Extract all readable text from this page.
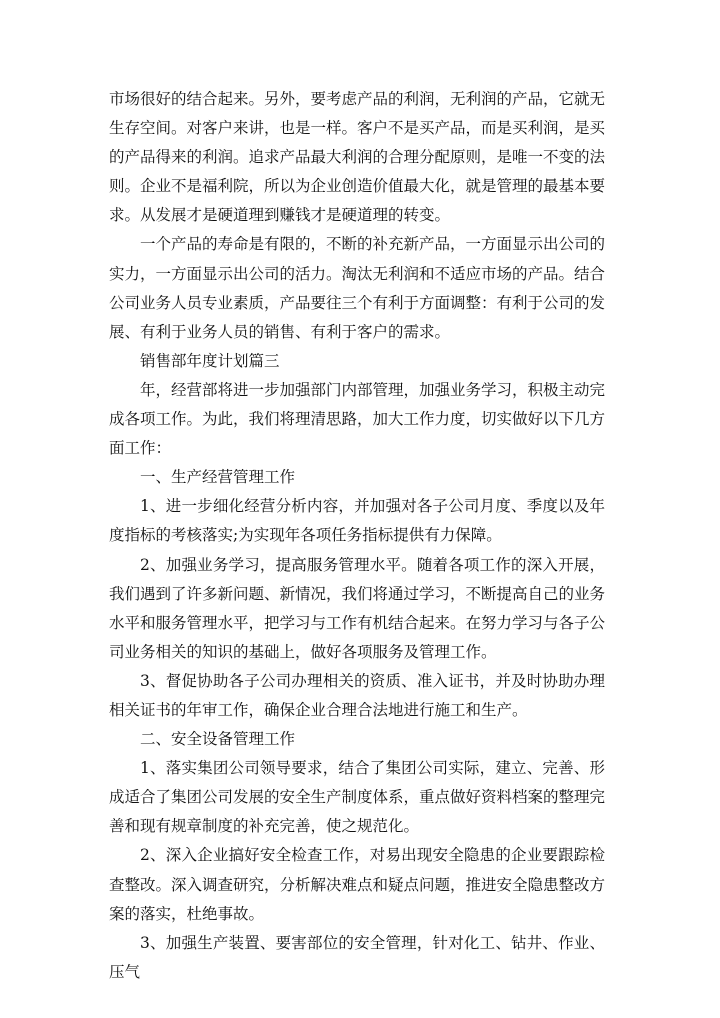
市场很好的结合起来。另外，要考虑产品的利润，无利润的产品，它就无生存空间。对客户来讲，也是一样。客户不是买产品，而是买利润，是买的产品得来的利润。追求产品最大利润的合理分配原则，是唯一不变的法则。企业不是福利院，所以为企业创造价值最大化，就是管理的最基本要求。从发展才是硬道理到赚钱才是硬道理的转变。

一个产品的寿命是有限的，不断的补充新产品，一方面显示出公司的实力，一方面显示出公司的活力。淘汰无利润和不适应市场的产品。结合公司业务人员专业素质，产品要往三个有利于方面调整：有利于公司的发展、有利于业务人员的销售、有利于客户的需求。

销售部年度计划篇三

年，经营部将进一步加强部门内部管理，加强业务学习，积极主动完成各项工作。为此，我们将理清思路，加大工作力度，切实做好以下几方面工作：

一、生产经营管理工作

1、进一步细化经营分析内容，并加强对各子公司月度、季度以及年度指标的考核落实;为实现年各项任务指标提供有力保障。

2、加强业务学习，提高服务管理水平。随着各项工作的深入开展，我们遇到了许多新问题、新情况，我们将通过学习，不断提高自己的业务水平和服务管理水平，把学习与工作有机结合起来。在努力学习与各子公司业务相关的知识的基础上，做好各项服务及管理工作。

3、督促协助各子公司办理相关的资质、准入证书，并及时协助办理相关证书的年审工作，确保企业合理合法地进行施工和生产。

二、安全设备管理工作

1、落实集团公司领导要求，结合了集团公司实际，建立、完善、形成适合了集团公司发展的安全生产制度体系，重点做好资料档案的整理完善和现有规章制度的补充完善，使之规范化。

2、深入企业搞好安全检查工作，对易出现安全隐患的企业要跟踪检查整改。深入调查研究，分析解决难点和疑点问题，推进安全隐患整改方案的落实，杜绝事故。

3、加强生产装置、要害部位的安全管理，针对化工、钻井、作业、压气
